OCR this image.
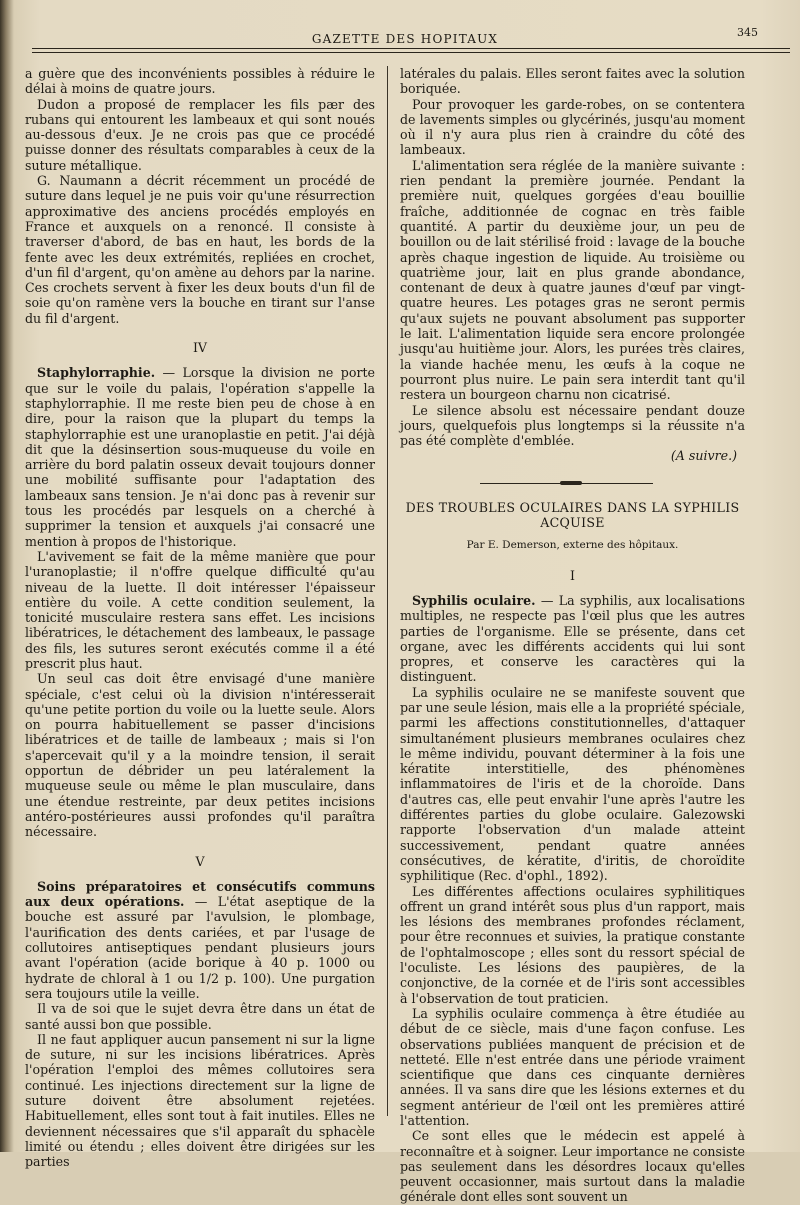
GAZETTE DES HOPITAUX	345

a guère que des inconvénients possibles à réduire le délai à moins de quatre jours.

Dudon a proposé de remplacer les fils pær des rubans qui entourent les lambeaux et qui sont noués au-dessous d'eux. Je ne crois pas que ce procédé puisse donner des résultats comparables à ceux de la suture métallique.

G. Naumann a décrit récemment un procédé de suture dans lequel je ne puis voir qu'une résurrection approximative des anciens procédés employés en France et auxquels on a renoncé. Il consiste à traverser d'abord, de bas en haut, les bords de la fente avec les deux extrémités, repliées en crochet, d'un fil d'argent, qu'on amène au dehors par la narine. Ces crochets servent à fixer les deux bouts d'un fil de soie qu'on ramène vers la bouche en tirant sur l'anse du fil d'argent.

IV

Staphylorraphie. — Lorsque la division ne porte que sur le voile du palais, l'opération s'appelle la staphylorraphie. Il me reste bien peu de chose à en dire, pour la raison que la plupart du temps la staphylorraphie est une uranoplastie en petit. J'ai déjà dit que la désinsertion sous-muqueuse du voile en arrière du bord palatin osseux devait toujours donner une mobilité suffisante pour l'adaptation des lambeaux sans tension. Je n'ai donc pas à revenir sur tous les procédés par lesquels on a cherché à supprimer la tension et auxquels j'ai consacré une mention à propos de l'historique.

L'avivement se fait de la même manière que pour l'uranoplastie; il n'offre quelque difficulté qu'au niveau de la luette. Il doit intéresser l'épaisseur entière du voile. A cette condition seulement, la tonicité musculaire restera sans effet. Les incisions libératrices, le détachement des lambeaux, le passage des fils, les sutures seront exécutés comme il a été prescrit plus haut.

Un seul cas doit être envisagé d'une manière spéciale, c'est celui où la division n'intéresserait qu'une petite portion du voile ou la luette seule. Alors on pourra habituellement se passer d'incisions libératrices et de taille de lambeaux ; mais si l'on s'apercevait qu'il y a la moindre tension, il serait opportun de débrider un peu latéralement la muqueuse seule ou même le plan musculaire, dans une étendue restreinte, par deux petites incisions antéro-postérieures aussi profondes qu'il paraîtra nécessaire.

V

Soins préparatoires et consécutifs communs aux deux opérations. — L'état aseptique de la bouche est assuré par l'avulsion, le plombage, l'aurification des dents cariées, et par l'usage de collutoires antiseptiques pendant plusieurs jours avant l'opération (acide borique à 40 p. 1000 ou hydrate de chloral à 1 ou 1/2 p. 100). Une purgation sera toujours utile la veille.

Il va de soi que le sujet devra être dans un état de santé aussi bon que possible.

Il ne faut appliquer aucun pansement ni sur la ligne de suture, ni sur les incisions libératrices. Après l'opération l'emploi des mêmes collutoires sera continué. Les injections directement sur la ligne de suture doivent être absolument rejetées. Habituellement, elles sont tout à fait inutiles. Elles ne deviennent nécessaires que s'il apparaît du sphacèle limité ou étendu ; elles doivent être dirigées sur les parties

latérales du palais. Elles seront faites avec la solution boriquée.

Pour provoquer les garde-robes, on se contentera de lavements simples ou glycérinés, jusqu'au moment où il n'y aura plus rien à craindre du côté des lambeaux.

L'alimentation sera réglée de la manière suivante : rien pendant la première journée. Pendant la première nuit, quelques gorgées d'eau bouillie fraîche, additionnée de cognac en très faible quantité. A partir du deuxième jour, un peu de bouillon ou de lait stérilisé froid : lavage de la bouche après chaque ingestion de liquide. Au troisième ou quatrième jour, lait en plus grande abondance, contenant de deux à quatre jaunes d'œuf par vingt-quatre heures. Les potages gras ne seront permis qu'aux sujets ne pouvant absolument pas supporter le lait. L'alimentation liquide sera encore prolongée jusqu'au huitième jour. Alors, les purées très claires, la viande hachée menu, les œufs à la coque ne pourront plus nuire. Le pain sera interdit tant qu'il restera un bourgeon charnu non cicatrisé.

Le silence absolu est nécessaire pendant douze jours, quelquefois plus longtemps si la réussite n'a pas été complète d'emblée.

(A suivre.)
DES TROUBLES OCULAIRES DANS LA SYPHILIS ACQUISE
Par E. Demerson, externe des hôpitaux.
I

Syphilis oculaire. — La syphilis, aux localisations multiples, ne respecte pas l'œil plus que les autres parties de l'organisme. Elle se présente, dans cet organe, avec les différents accidents qui lui sont propres, et conserve les caractères qui la distinguent.

La syphilis oculaire ne se manifeste souvent que par une seule lésion, mais elle a la propriété spéciale, parmi les affections constitutionnelles, d'attaquer simultanément plusieurs membranes oculaires chez le même individu, pouvant déterminer à la fois une kératite interstitielle, des phénomènes inflammatoires de l'iris et de la choroïde. Dans d'autres cas, elle peut envahir l'une après l'autre les différentes parties du globe oculaire. Galezowski rapporte l'observation d'un malade atteint successivement, pendant quatre années consécutives, de kératite, d'iritis, de choroïdite syphilitique (Rec. d'ophl., 1892).

Les différentes affections oculaires syphilitiques offrent un grand intérêt sous plus d'un rapport, mais les lésions des membranes profondes réclament, pour être reconnues et suivies, la pratique constante de l'ophtalmoscope ; elles sont du ressort spécial de l'oculiste. Les lésions des paupières, de la conjonctive, de la cornée et de l'iris sont accessibles à l'observation de tout praticien.

La syphilis oculaire commença à être étudiée au début de ce siècle, mais d'une façon confuse. Les observations publiées manquent de précision et de netteté. Elle n'est entrée dans une période vraiment scientifique que dans ces cinquante dernières années. Il va sans dire que les lésions externes et du segment antérieur de l'œil ont les premières attiré l'attention.

Ce sont elles que le médecin est appelé à reconnaître et à soigner. Leur importance ne consiste pas seulement dans les désordres locaux qu'elles peuvent occasionner, mais surtout dans la maladie générale dont elles sont souvent un
